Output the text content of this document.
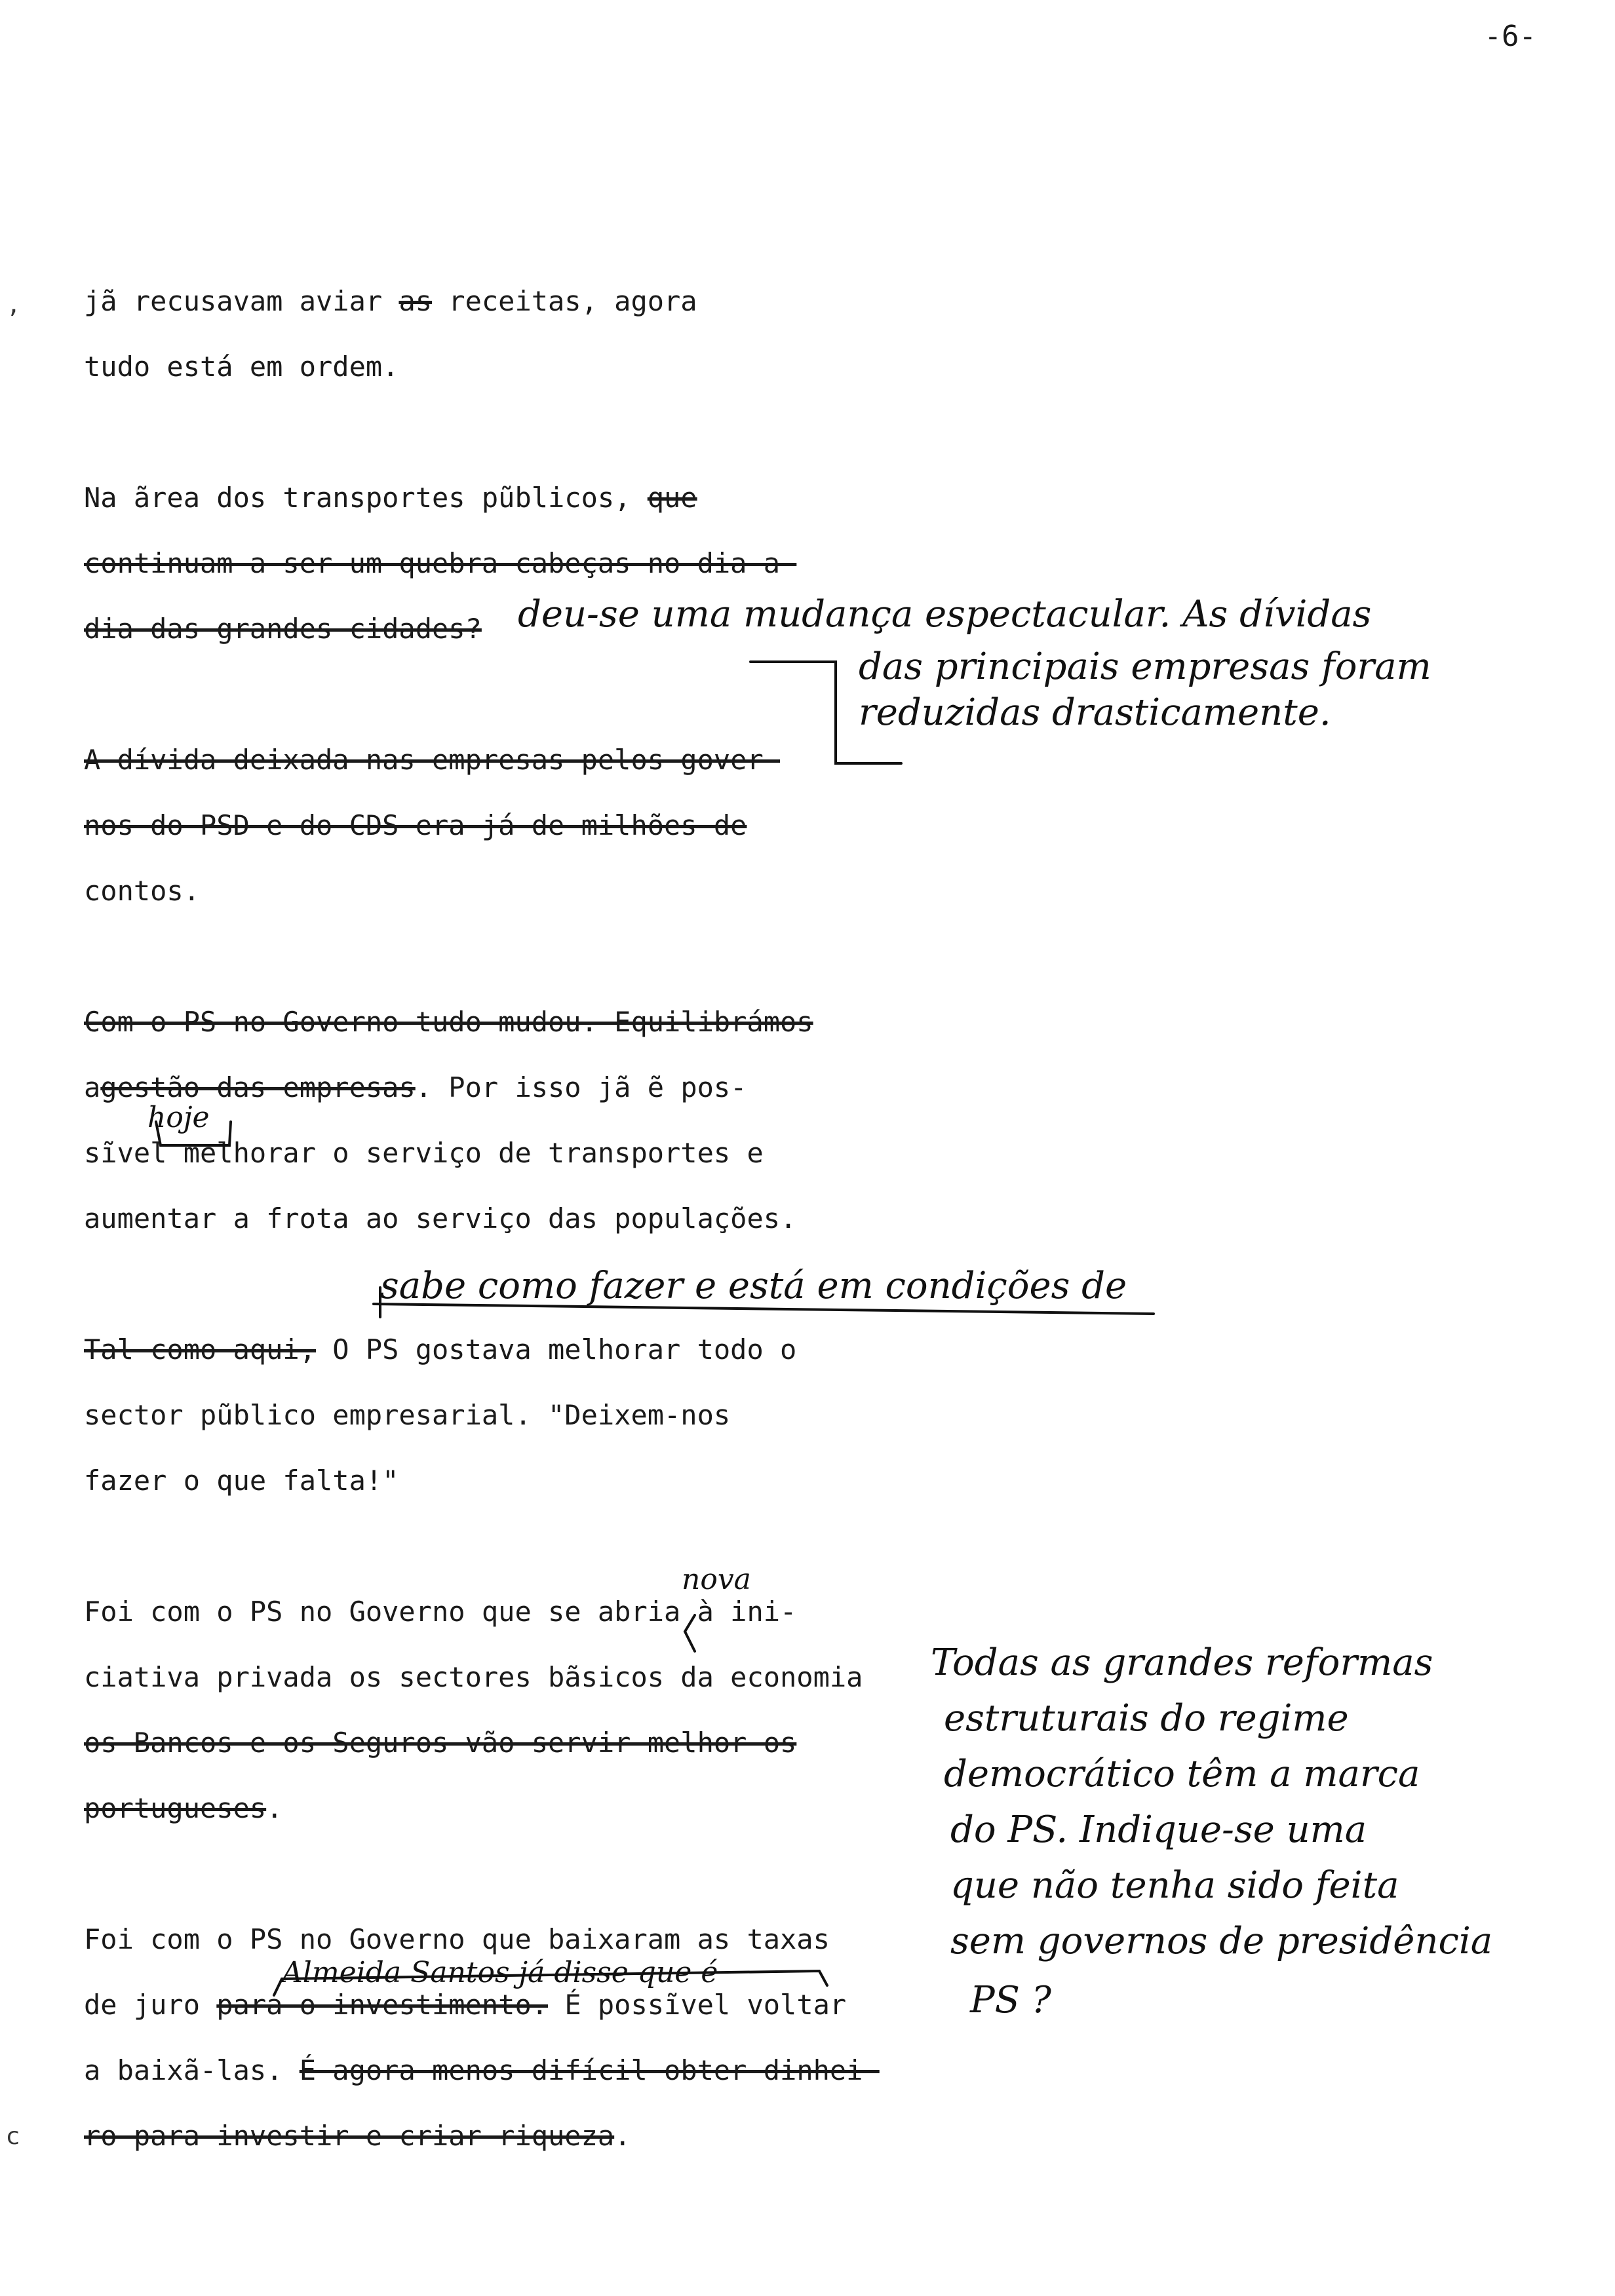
-6-
jã recusavam aviar as receitas, agora
tudo está em ordem.
Na ãrea dos transportes pũblicos, que
continuam a ser um quebra-cabeças no dia-a-
dia das grandes cidades?
A dívida deixada nas empresas pelos gover-
nos do PSD e do CDS era já de milhões de
contos.
Com o PS no Governo tudo mudou. Equilibrámos
agestão das empresas. Por isso jã ẽ pos-
sĩvel melhorar o serviço de transportes e
aumentar a frota ao serviço das populações.
Tal como aqui, O PS gostava melhorar todo o
sector pũblico empresarial. "Deixem-nos
fazer o que falta!"
Foi com o PS no Governo que se abria à ini-
ciativa privada os sectores bãsicos da economia
os Bancos e os Seguros vão servir melhor os
portugueses.
Foi com o PS no Governo que baixaram as taxas
de juro para o investimento. É possĩvel voltar
a baixã-las. É agora menos difícil obter dinhei-
ro para investir e criar riqueza.
deu-se uma mudança espectacular. As dívidas
das principais empresas foram
reduzidas drasticamente.
hoje
sabe como fazer e está em condições de
nova
Almeida Santos já disse que é
Todas as grandes reformas
estruturais do regime
democrático têm a marca
do PS. Indique-se uma
que não tenha sido feita
sem governos de presidência
PS ?
,
ⅽ
